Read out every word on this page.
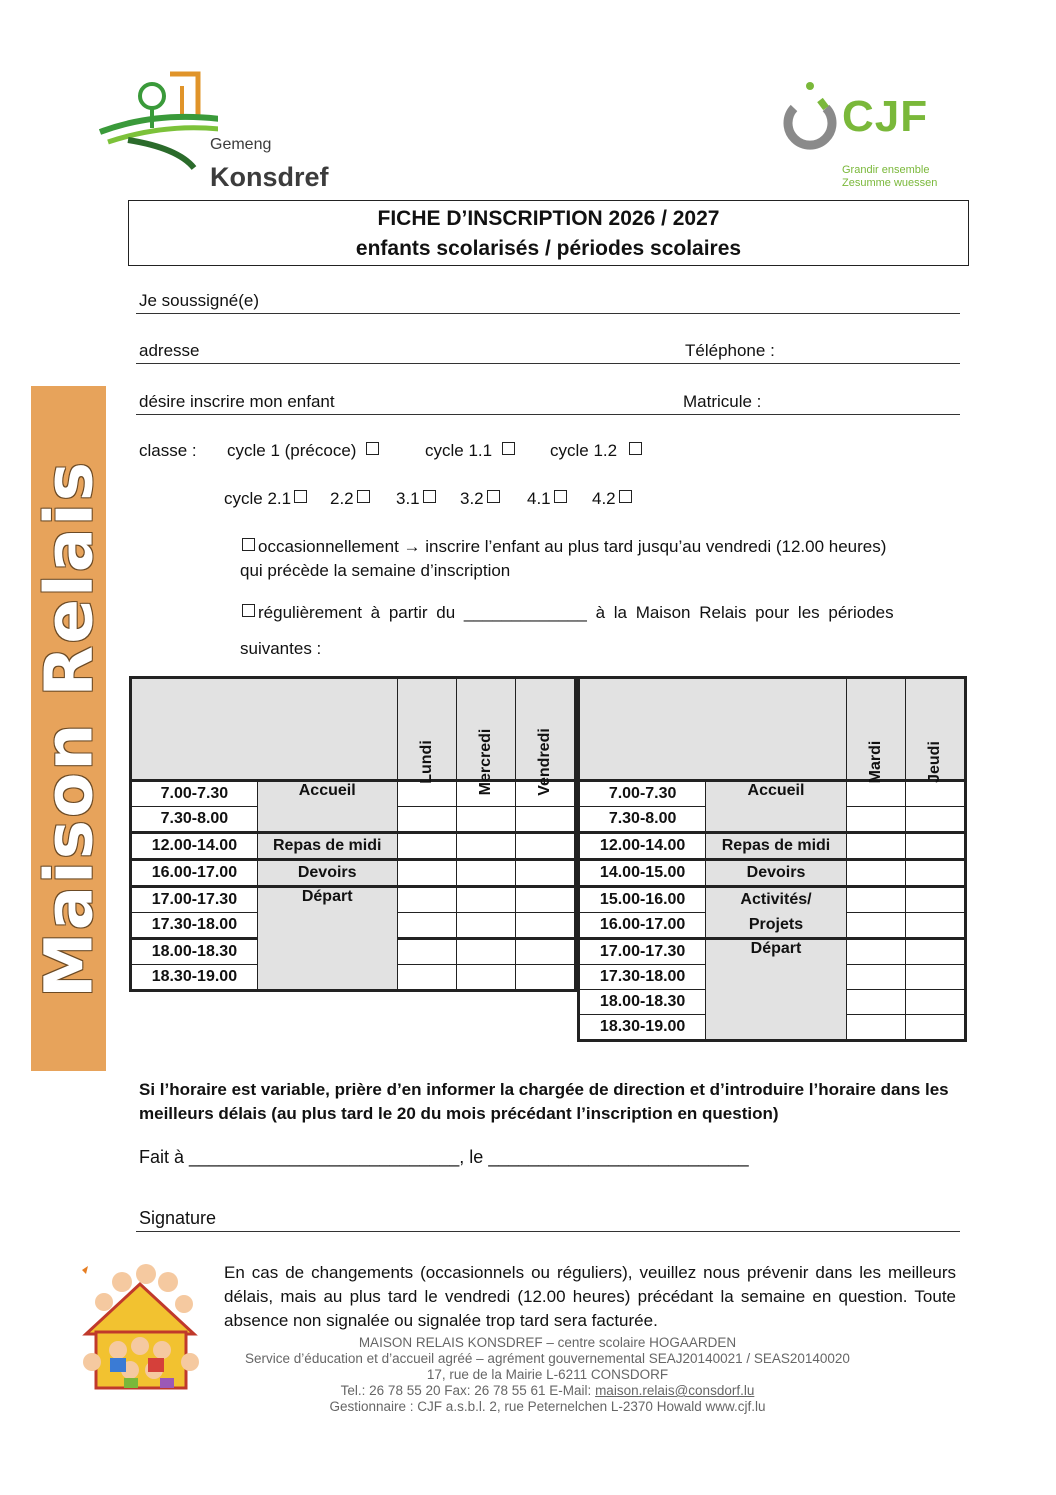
Gemeng
Konsdref
CJF
Grandir ensemble
Zesumme wuessen
Maison Relais
FICHE D’INSCRIPTION 2026 / 2027
enfants scolarisés / périodes scolaires
Je soussigné(e)
adresse	Téléphone :
désire inscrire mon enfant	Matricule :
classe : cycle 1 (précoce)	cycle 1.1	cycle 1.2
cycle 2.1	2.2	3.1	3.2	4.1	4.2
occasionnellement → inscrire l’enfant au plus tard jusqu’au vendredi (12.00 heures)
qui précède la semaine d’inscription
régulièrement à partir du _____________ à la Maison Relais pour les périodes
suivantes :

		Lundi	Mercredi	Vendredi

7.00-7.30	Accueil			
7.30-8.00				
12.00-14.00	Repas de midi			
16.00-17.00	Devoirs			
17.00-17.30	Départ			
17.30-18.00				
18.00-18.30				
18.30-19.00				

		Mardi	Jeudi

7.00-7.30	Accueil		
7.30-8.00			
12.00-14.00	Repas de midi		
14.00-15.00	Devoirs		
15.00-16.00	Activités/		
16.00-17.00	Projets		
17.00-17.30	Départ		
17.30-18.00			
18.00-18.30			
18.30-19.00			
Si l’horaire est variable, prière d’en informer la chargée de direction et d’introduire l’horaire dans les meilleurs délais (au plus tard le 20 du mois précédant l’inscription en question)
Fait à ___________________________, le __________________________
Signature
En cas de changements (occasionnels ou réguliers), veuillez nous prévenir dans les meilleurs délais, mais au plus tard le vendredi (12.00 heures) précédant la semaine en question. Toute absence non signalée ou signalée trop tard sera facturée.
MAISON RELAIS KONSDREF – centre scolaire HOGAARDEN
Service d’éducation et d’accueil agréé – agrément gouvernemental SEAJ20140021 / SEAS20140020
17, rue de la Mairie L-6211 CONSDORF
Tel.: 26 78 55 20 Fax: 26 78 55 61 E-Mail: maison.relais@consdorf.lu
Gestionnaire : CJF a.s.b.l. 2, rue Peternelchen L-2370 Howald www.cjf.lu
